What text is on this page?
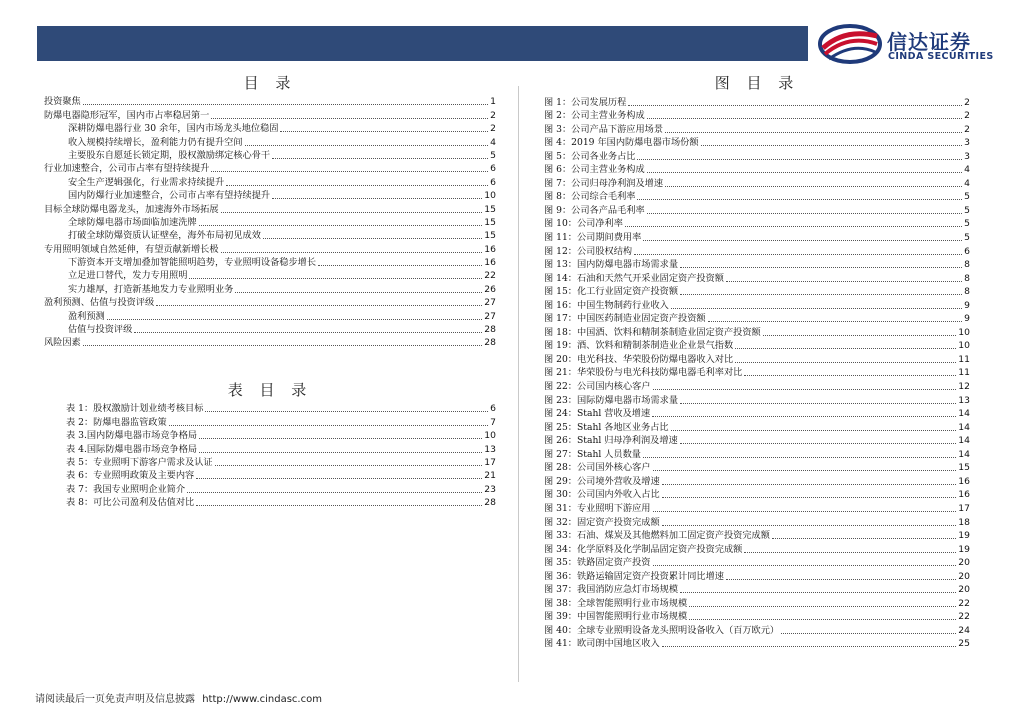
信达证券
CINDA SECURITIES
目 录
投资聚焦	1
防爆电器隐形冠军，国内市占率稳居第一	2
深耕防爆电器行业 30 余年，国内市场龙头地位稳固	2
收入规模持续增长，盈利能力仍有提升空间	4
主要股东自愿延长锁定期，股权激励绑定核心骨干	5
行业加速整合，公司市占率有望持续提升	6
安全生产逻辑强化，行业需求持续提升	6
国内防爆行业加速整合，公司市占率有望持续提升	10
目标全球防爆电器龙头，加速海外市场拓展	15
全球防爆电器市场面临加速洗牌	15
打破全球防爆资质认证壁垒，海外布局初见成效	15
专用照明领域自然延伸，有望贡献新增长极	16
下游资本开支增加叠加智能照明趋势，专业照明设备稳步增长	16
立足进口替代，发力专用照明	22
实力雄厚，打造新基地发力专业照明业务	26
盈利预测、估值与投资评级	27
盈利预测	27
估值与投资评级	28
风险因素	28
表 目 录
表 1：股权激励计划业绩考核目标	6
表 2：防爆电器监管政策	7
表 3.国内防爆电器市场竞争格局	10
表 4.国际防爆电器市场竞争格局	13
表 5：专业照明下游客户需求及认证	17
表 6：专业照明政策及主要内容	21
表 7：我国专业照明企业简介	23
表 8：可比公司盈利及估值对比	28
图 目 录
图 1：公司发展历程	2
图 2：公司主营业务构成	2
图 3：公司产品下游应用场景	2
图 4：2019 年国内防爆电器市场份额	3
图 5：公司各业务占比	3
图 6：公司主营业务构成	4
图 7：公司归母净利润及增速	4
图 8：公司综合毛利率	5
图 9：公司各产品毛利率	5
图 10：公司净利率	5
图 11：公司期间费用率	5
图 12：公司股权结构	6
图 13：国内防爆电器市场需求量	8
图 14：石油和天然气开采业固定资产投资额	8
图 15：化工行业固定资产投资额	8
图 16：中国生物制药行业收入	9
图 17：中国医药制造业固定资产投资额	9
图 18：中国酒、饮料和精制茶制造业固定资产投资额	10
图 19：酒、饮料和精制茶制造业企业景气指数	10
图 20：电光科技、华荣股份防爆电器收入对比	11
图 21：华荣股份与电光科技防爆电器毛利率对比	11
图 22：公司国内核心客户	12
图 23：国际防爆电器市场需求量	13
图 24：Stahl 营收及增速	14
图 25：Stahl 各地区业务占比	14
图 26：Stahl 归母净利润及增速	14
图 27：Stahl 人员数量	14
图 28：公司国外核心客户	15
图 29：公司境外营收及增速	16
图 30：公司国内外收入占比	16
图 31：专业照明下游应用	17
图 32：固定资产投资完成额	18
图 33：石油、煤炭及其他燃料加工固定资产投资完成额	19
图 34：化学原料及化学制品固定资产投资完成额	19
图 35：铁路固定资产投资	20
图 36：铁路运输固定资产投资累计同比增速	20
图 37：我国消防应急灯市场规模	20
图 38：全球智能照明行业市场规模	22
图 39：中国智能照明行业市场规模	22
图 40：全球专业照明设备龙头照明设备收入（百万欧元）	24
图 41：欧司朗中国地区收入	25
请阅读最后一页免责声明及信息披露 http://www.cindasc.com
